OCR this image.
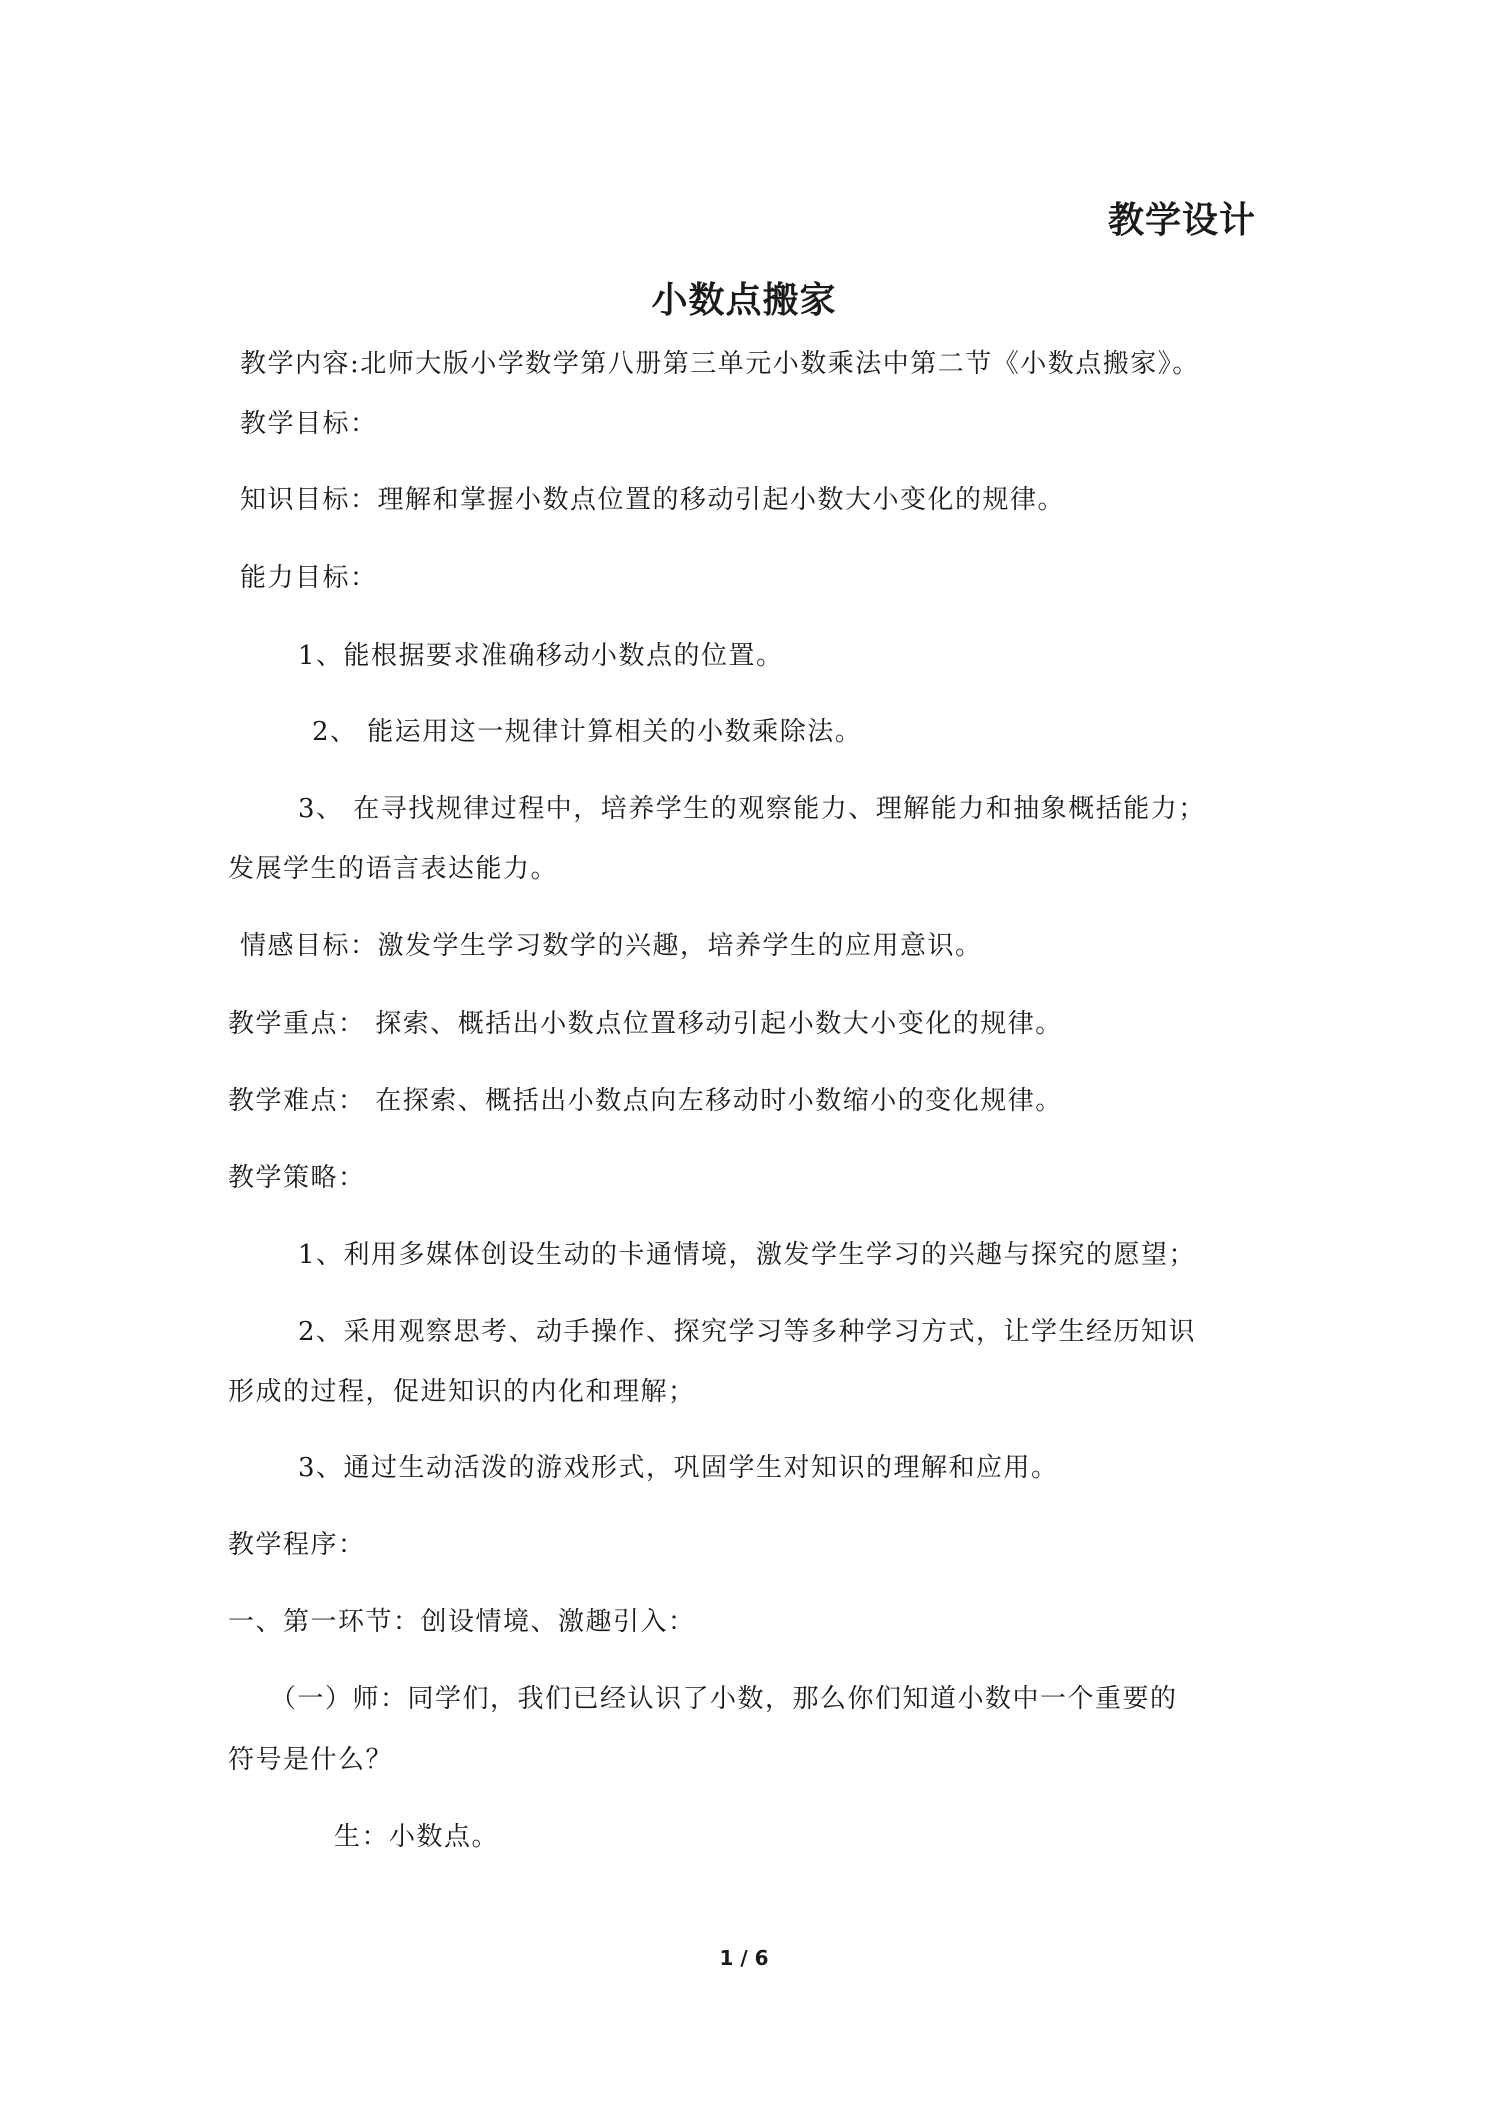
教学设计
小数点搬家
教学内容:北师大版小学数学第八册第三单元小数乘法中第二节《小数点搬家》。
教学目标：
知识目标：理解和掌握小数点位置的移动引起小数大小变化的规律。
能力目标：
1、能根据要求准确移动小数点的位置。
2、 能运用这一规律计算相关的小数乘除法。
3、 在寻找规律过程中，培养学生的观察能力、理解能力和抽象概括能力；
发展学生的语言表达能力。
情感目标：激发学生学习数学的兴趣，培养学生的应用意识。
教学重点： 探索、概括出小数点位置移动引起小数大小变化的规律。
教学难点： 在探索、概括出小数点向左移动时小数缩小的变化规律。
教学策略：
1、利用多媒体创设生动的卡通情境，激发学生学习的兴趣与探究的愿望；
2、采用观察思考、动手操作、探究学习等多种学习方式，让学生经历知识
形成的过程，促进知识的内化和理解；
3、通过生动活泼的游戏形式，巩固学生对知识的理解和应用。
教学程序：
一、第一环节：创设情境、激趣引入：
（一）师：同学们，我们已经认识了小数，那么你们知道小数中一个重要的
符号是什么？
生：小数点。
1 / 6
